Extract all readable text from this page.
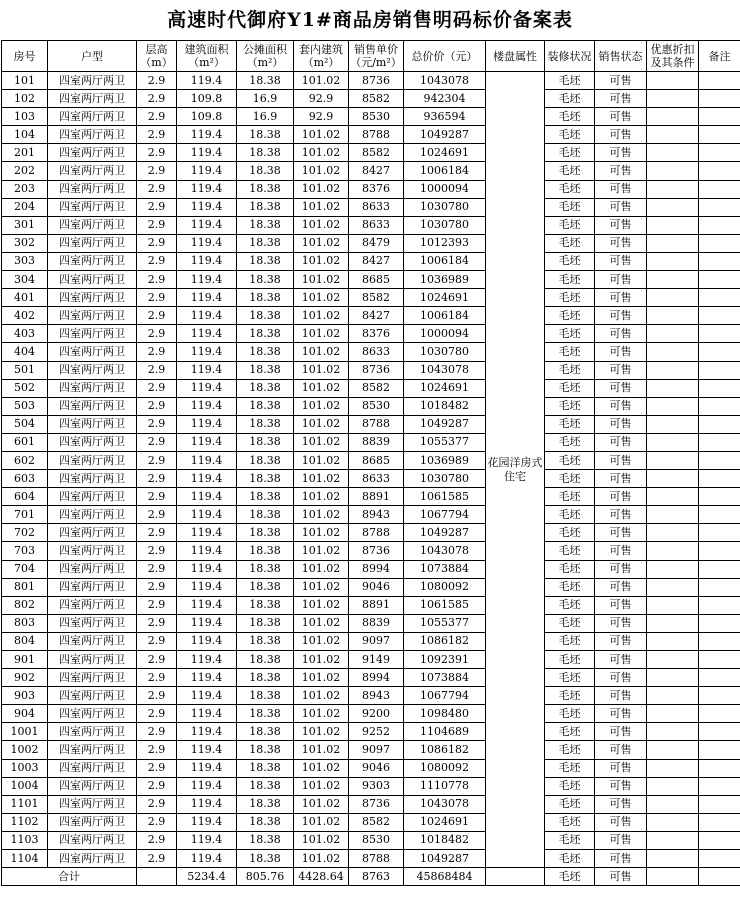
高速时代御府Y1#商品房销售明码标价备案表
房号	户型	层高（m）	建筑面积（m²）	公摊面积（m²）	套内建筑（m²）	销售单价（元/m²）	总价价（元）	楼盘属性	装修状况	销售状态	优惠折扣及其条件	备注
101	四室两厅两卫	2.9	119.4	18.38	101.02	8736	1043078	花园洋房式住宅	毛坯	可售		
102	四室两厅两卫	2.9	109.8	16.9	92.9	8582	942304		毛坯	可售		
103	四室两厅两卫	2.9	109.8	16.9	92.9	8530	936594		毛坯	可售		
104	四室两厅两卫	2.9	119.4	18.38	101.02	8788	1049287		毛坯	可售		
201	四室两厅两卫	2.9	119.4	18.38	101.02	8582	1024691		毛坯	可售		
202	四室两厅两卫	2.9	119.4	18.38	101.02	8427	1006184		毛坯	可售		
203	四室两厅两卫	2.9	119.4	18.38	101.02	8376	1000094		毛坯	可售		
204	四室两厅两卫	2.9	119.4	18.38	101.02	8633	1030780		毛坯	可售		
301	四室两厅两卫	2.9	119.4	18.38	101.02	8633	1030780		毛坯	可售		
302	四室两厅两卫	2.9	119.4	18.38	101.02	8479	1012393		毛坯	可售		
303	四室两厅两卫	2.9	119.4	18.38	101.02	8427	1006184		毛坯	可售		
304	四室两厅两卫	2.9	119.4	18.38	101.02	8685	1036989		毛坯	可售		
401	四室两厅两卫	2.9	119.4	18.38	101.02	8582	1024691		毛坯	可售		
402	四室两厅两卫	2.9	119.4	18.38	101.02	8427	1006184		毛坯	可售		
403	四室两厅两卫	2.9	119.4	18.38	101.02	8376	1000094		毛坯	可售		
404	四室两厅两卫	2.9	119.4	18.38	101.02	8633	1030780		毛坯	可售		
501	四室两厅两卫	2.9	119.4	18.38	101.02	8736	1043078		毛坯	可售		
502	四室两厅两卫	2.9	119.4	18.38	101.02	8582	1024691		毛坯	可售		
503	四室两厅两卫	2.9	119.4	18.38	101.02	8530	1018482		毛坯	可售		
504	四室两厅两卫	2.9	119.4	18.38	101.02	8788	1049287		毛坯	可售		
601	四室两厅两卫	2.9	119.4	18.38	101.02	8839	1055377		毛坯	可售		
602	四室两厅两卫	2.9	119.4	18.38	101.02	8685	1036989		毛坯	可售		
603	四室两厅两卫	2.9	119.4	18.38	101.02	8633	1030780		毛坯	可售		
604	四室两厅两卫	2.9	119.4	18.38	101.02	8891	1061585		毛坯	可售		
701	四室两厅两卫	2.9	119.4	18.38	101.02	8943	1067794		毛坯	可售		
702	四室两厅两卫	2.9	119.4	18.38	101.02	8788	1049287		毛坯	可售		
703	四室两厅两卫	2.9	119.4	18.38	101.02	8736	1043078		毛坯	可售		
704	四室两厅两卫	2.9	119.4	18.38	101.02	8994	1073884		毛坯	可售		
801	四室两厅两卫	2.9	119.4	18.38	101.02	9046	1080092		毛坯	可售		
802	四室两厅两卫	2.9	119.4	18.38	101.02	8891	1061585		毛坯	可售		
803	四室两厅两卫	2.9	119.4	18.38	101.02	8839	1055377		毛坯	可售		
804	四室两厅两卫	2.9	119.4	18.38	101.02	9097	1086182		毛坯	可售		
901	四室两厅两卫	2.9	119.4	18.38	101.02	9149	1092391		毛坯	可售		
902	四室两厅两卫	2.9	119.4	18.38	101.02	8994	1073884		毛坯	可售		
903	四室两厅两卫	2.9	119.4	18.38	101.02	8943	1067794		毛坯	可售		
904	四室两厅两卫	2.9	119.4	18.38	101.02	9200	1098480		毛坯	可售		
1001	四室两厅两卫	2.9	119.4	18.38	101.02	9252	1104689		毛坯	可售		
1002	四室两厅两卫	2.9	119.4	18.38	101.02	9097	1086182		毛坯	可售		
1003	四室两厅两卫	2.9	119.4	18.38	101.02	9046	1080092		毛坯	可售		
1004	四室两厅两卫	2.9	119.4	18.38	101.02	9303	1110778		毛坯	可售		
1101	四室两厅两卫	2.9	119.4	18.38	101.02	8736	1043078		毛坯	可售		
1102	四室两厅两卫	2.9	119.4	18.38	101.02	8582	1024691		毛坯	可售		
1103	四室两厅两卫	2.9	119.4	18.38	101.02	8530	1018482		毛坯	可售		
1104	四室两厅两卫	2.9	119.4	18.38	101.02	8788	1049287		毛坯	可售		
合计			5234.4	805.76	4428.64	8763	45868484		毛坯	可售		
